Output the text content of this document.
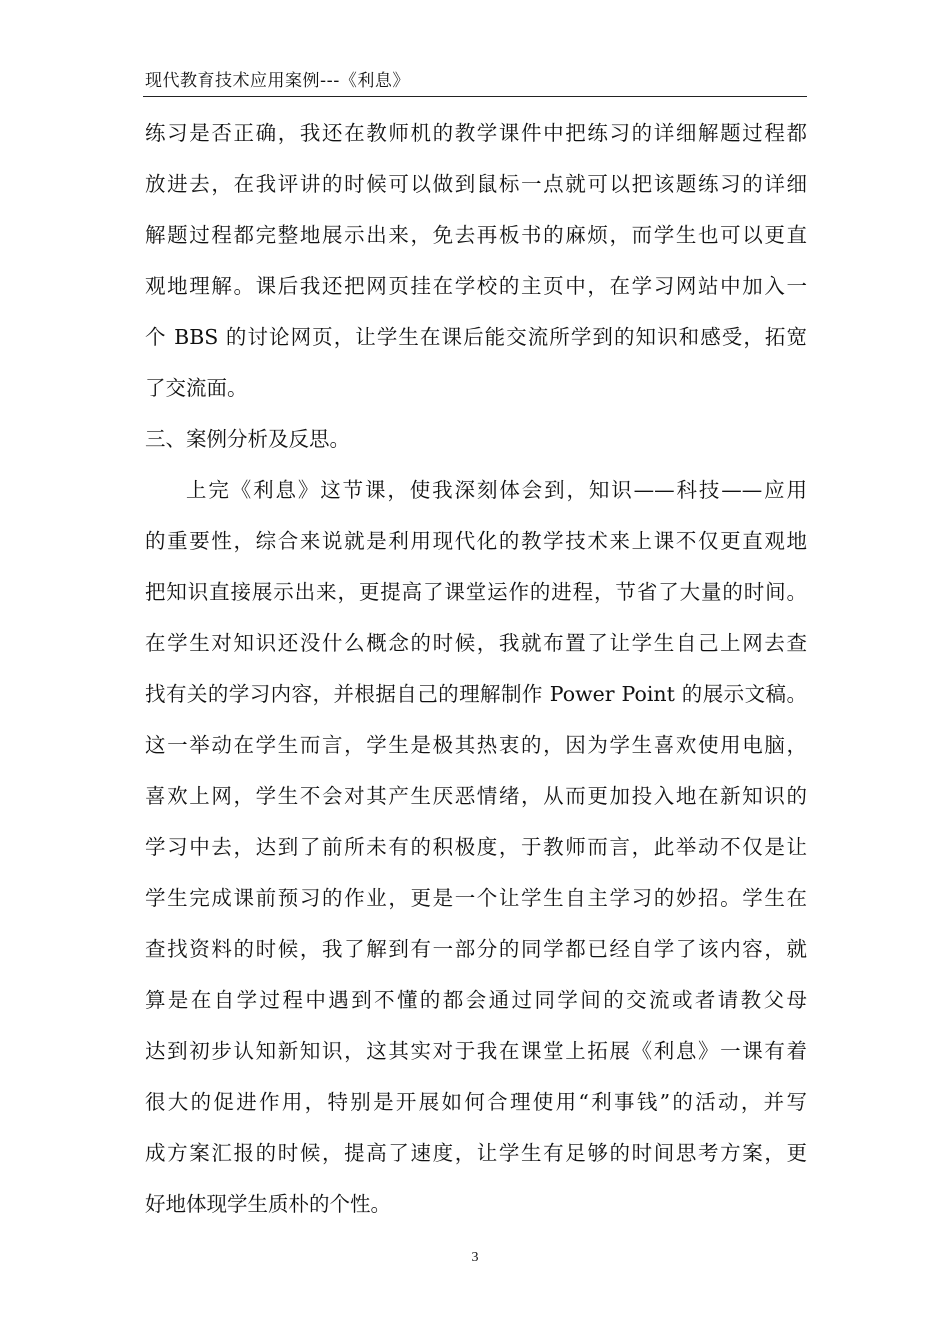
现代教育技术应用案例---《利息》
练习是否正确，我还在教师机的教学课件中把练习的详细解题过程都
放进去，在我评讲的时候可以做到鼠标一点就可以把该题练习的详细
解题过程都完整地展示出来，免去再板书的麻烦，而学生也可以更直
观地理解。课后我还把网页挂在学校的主页中，在学习网站中加入一
个 BBS 的讨论网页，让学生在课后能交流所学到的知识和感受，拓宽
了交流面。
三、案例分析及反思。
上完《利息》这节课，使我深刻体会到，知识——科技——应用
的重要性，综合来说就是利用现代化的教学技术来上课不仅更直观地
把知识直接展示出来，更提高了课堂运作的进程，节省了大量的时间。
在学生对知识还没什么概念的时候，我就布置了让学生自己上网去查
找有关的学习内容，并根据自己的理解制作 Power Point 的展示文稿。
这一举动在学生而言，学生是极其热衷的，因为学生喜欢使用电脑，
喜欢上网，学生不会对其产生厌恶情绪，从而更加投入地在新知识的
学习中去，达到了前所未有的积极度，于教师而言，此举动不仅是让
学生完成课前预习的作业，更是一个让学生自主学习的妙招。学生在
查找资料的时候，我了解到有一部分的同学都已经自学了该内容，就
算是在自学过程中遇到不懂的都会通过同学间的交流或者请教父母
达到初步认知新知识，这其实对于我在课堂上拓展《利息》一课有着
很大的促进作用，特别是开展如何合理使用“利事钱”的活动，并写
成方案汇报的时候，提高了速度，让学生有足够的时间思考方案，更
好地体现学生质朴的个性。
3
